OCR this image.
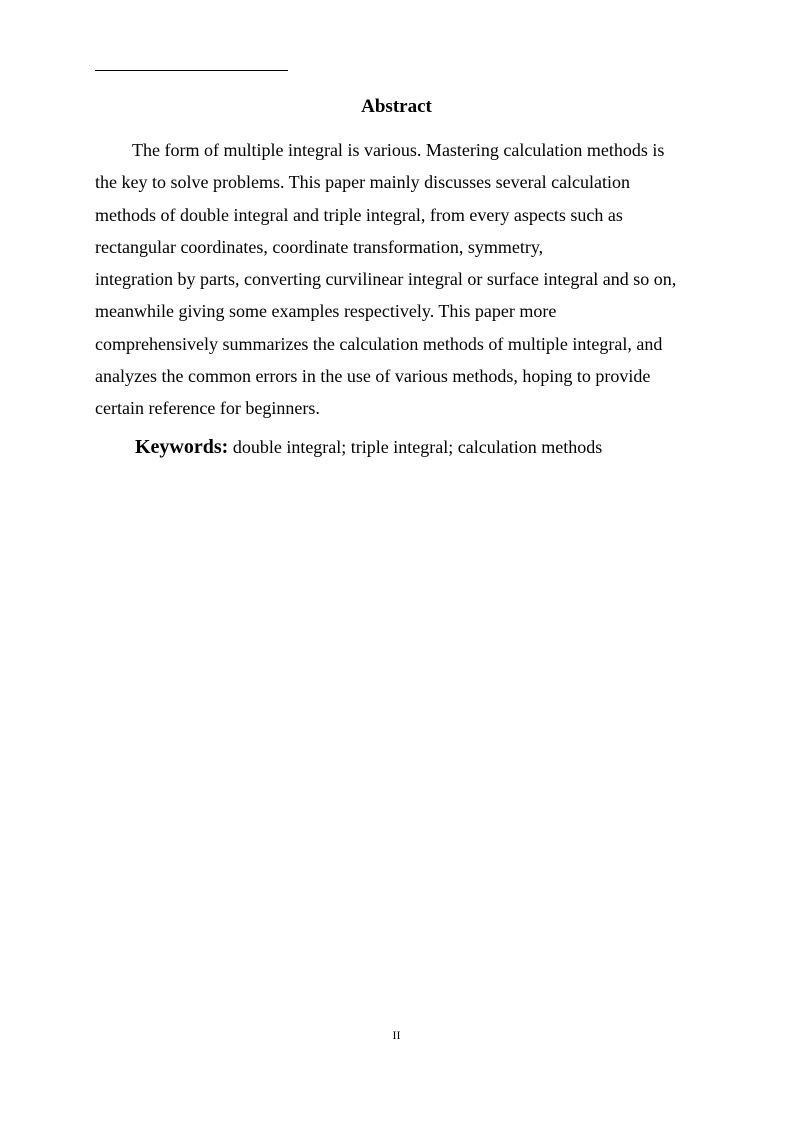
Abstract
The form of multiple integral is various. Mastering calculation methods is
the key to solve problems. This paper mainly discusses several calculation
methods of double integral and triple integral, from every aspects such as
rectangular coordinates, coordinate transformation, symmetry,
integration by parts, converting curvilinear integral or surface integral and so on,
meanwhile giving some examples respectively. This paper more
comprehensively summarizes the calculation methods of multiple integral, and
analyzes the common errors in the use of various methods, hoping to provide
certain reference for beginners.
Keywords: double integral; triple integral; calculation methods
II
